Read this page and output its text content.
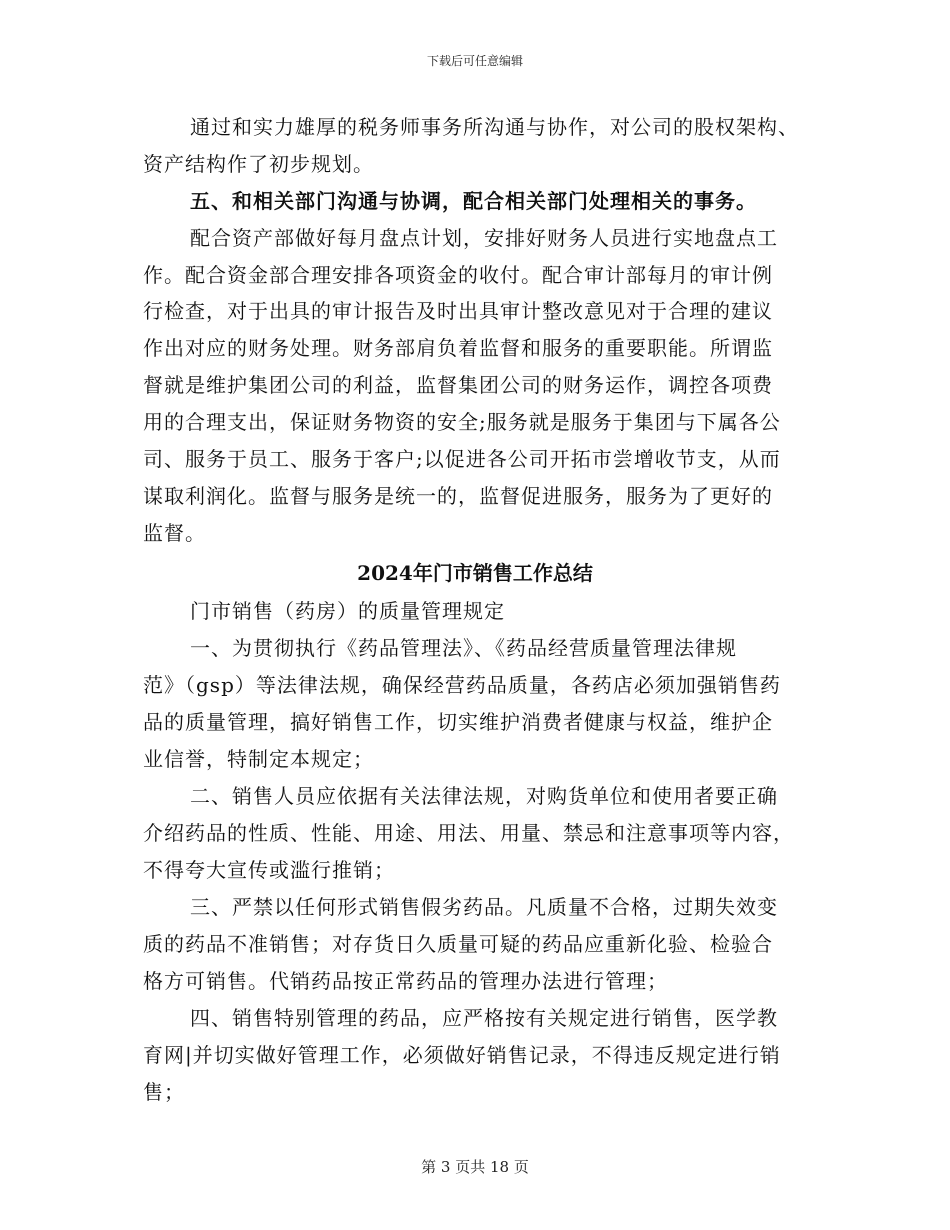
下载后可任意编辑
通过和实力雄厚的税务师事务所沟通与协作，对公司的股权架构、
资产结构作了初步规划。
五、和相关部门沟通与协调，配合相关部门处理相关的事务。
配合资产部做好每月盘点计划，安排好财务人员进行实地盘点工
作。配合资金部合理安排各项资金的收付。配合审计部每月的审计例
行检查，对于出具的审计报告及时出具审计整改意见对于合理的建议
作出对应的财务处理。财务部肩负着监督和服务的重要职能。所谓监
督就是维护集团公司的利益，监督集团公司的财务运作，调控各项费
用的合理支出，保证财务物资的安全;服务就是服务于集团与下属各公
司、服务于员工、服务于客户;以促进各公司开拓市尝增收节支，从而
谋取利润化。监督与服务是统一的，监督促进服务，服务为了更好的
监督。
2024年门市销售工作总结
门市销售（药房）的质量管理规定
一、为贯彻执行《药品管理法》、《药品经营质量管理法律规
范》（gsp）等法律法规，确保经营药品质量，各药店必须加强销售药
品的质量管理，搞好销售工作，切实维护消费者健康与权益，维护企
业信誉，特制定本规定；
二、销售人员应依据有关法律法规，对购货单位和使用者要正确
介绍药品的性质、性能、用途、用法、用量、禁忌和注意事项等内容，
不得夸大宣传或滥行推销；
三、严禁以任何形式销售假劣药品。凡质量不合格，过期失效变
质的药品不准销售；对存货日久质量可疑的药品应重新化验、检验合
格方可销售。代销药品按正常药品的管理办法进行管理；
四、销售特别管理的药品，应严格按有关规定进行销售，医学教
育网|并切实做好管理工作，必须做好销售记录，不得违反规定进行销
售；
第 3 页共 18 页
